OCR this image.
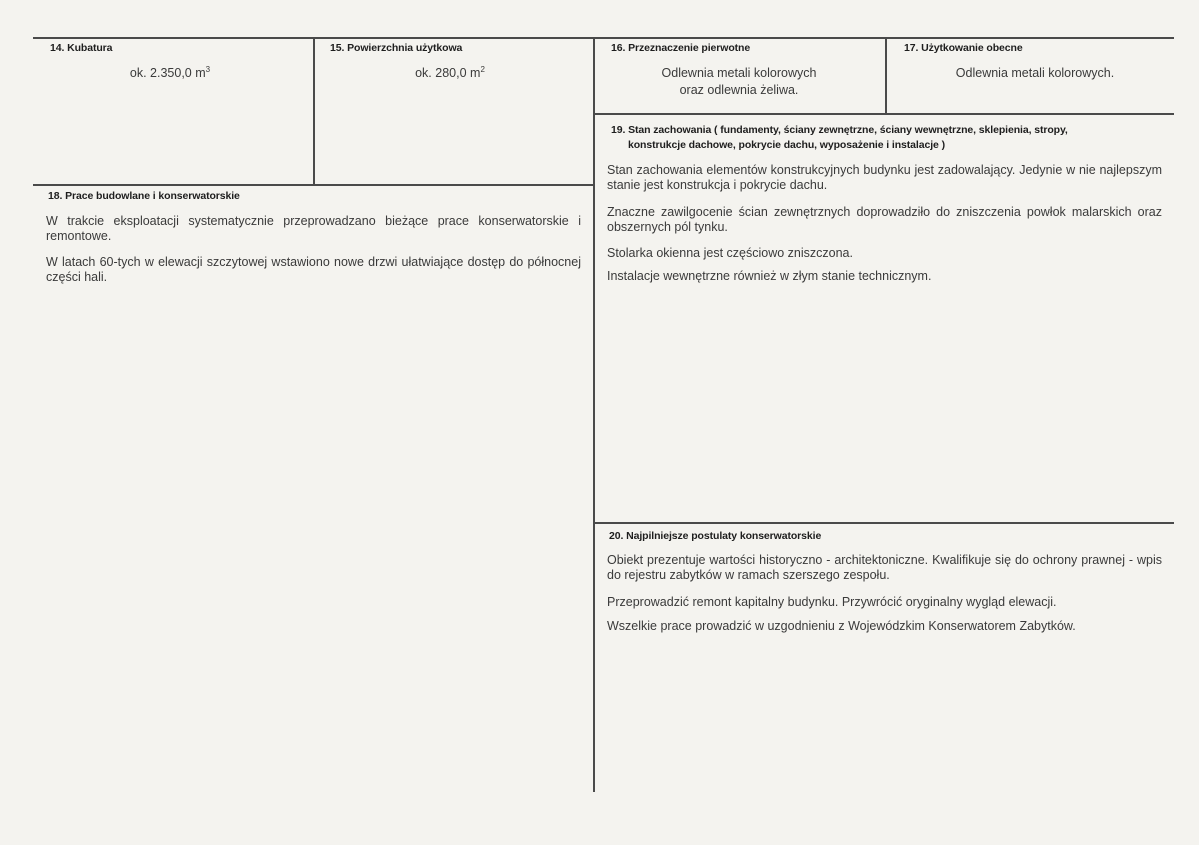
14. Kubatura
ok. 2.350,0 $m^3$
15. Powierzchnia użytkowa
ok. 280,0 $m^2$
16. Przeznaczenie pierwotne
Odlewnia metali kolorowych
oraz odlewnia żeliwa.
17. Użytkowanie obecne
Odlewnia metali kolorowych.
19. Stan zachowania ( fundamenty, ściany zewnętrzne, ściany wewnętrzne, sklepienia, stropy,
konstrukcje dachowe, pokrycie dachu, wyposażenie i instalacje )

Stan zachowania elementów konstrukcyjnych budynku jest zadowalający. Jedynie w nie najlepszym stanie jest konstrukcja i pokrycie dachu.

Znaczne zawilgocenie ścian zewnętrznych doprowadziło do zniszczenia powłok malarskich oraz obszernych pól tynku.

Stolarka okienna jest częściowo zniszczona.

Instalacje wewnętrzne również w złym stanie technicznym.

18. Prace budowlane i konserwatorskie

W trakcie eksploatacji systematycznie przeprowadzano bieżące prace konserwatorskie i remontowe.

W latach 60-tych w elewacji szczytowej wstawiono nowe drzwi ułatwiające dostęp do północnej części hali.

20. Najpilniejsze postulaty konserwatorskie

Obiekt prezentuje wartości historyczno - architektoniczne. Kwalifikuje się do ochrony prawnej - wpis do rejestru zabytków w ramach szerszego zespołu.

Przeprowadzić remont kapitalny budynku. Przywrócić oryginalny wygląd elewacji.

Wszelkie prace prowadzić w uzgodnieniu z Wojewódzkim Konserwatorem Zabytków.
